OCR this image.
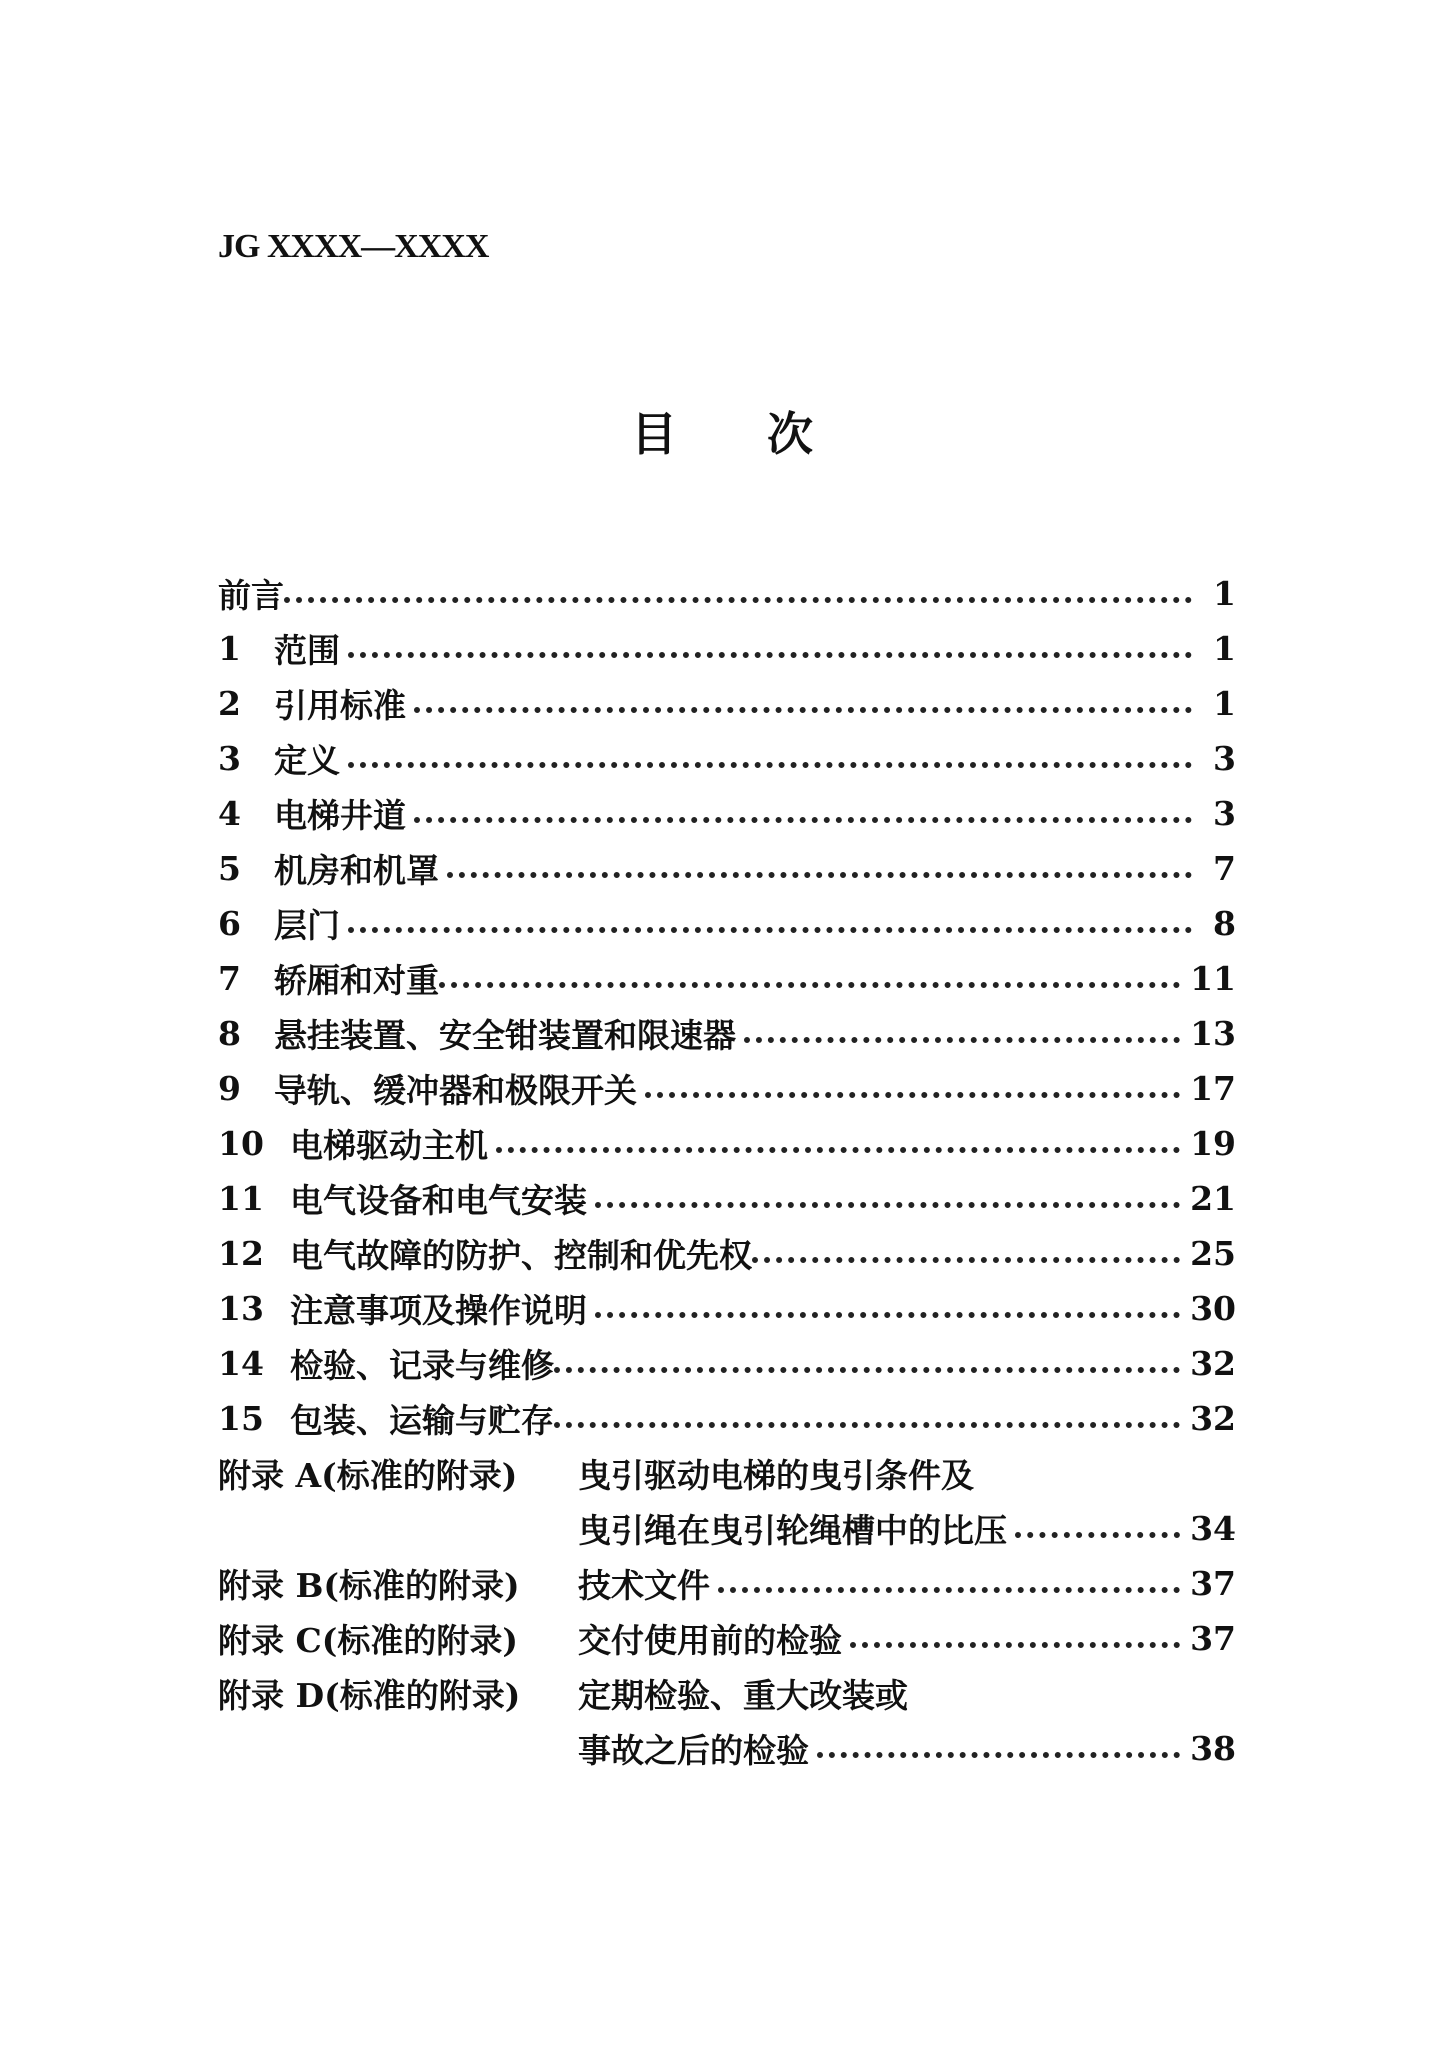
JG XXXX—XXXX
目 次
前言	1
1	范围	1
2	引用标准	1
3	定义	3
4	电梯井道	3
5	机房和机罩	7
6	层门	8
7	轿厢和对重	11
8	悬挂装置、安全钳装置和限速器	13
9	导轨、缓冲器和极限开关	17
10 电梯驱动主机	19
11 电气设备和电气安装	21
12 电气故障的防护、控制和优先权	25
13 注意事项及操作说明	30
14 检验、记录与维修	32
15 包装、运输与贮存	32
附录 A(标准的附录)	曳引驱动电梯的曳引条件及
曳引绳在曳引轮绳槽中的比压	34
附录 B(标准的附录)	技术文件	37
附录 C(标准的附录)	交付使用前的检验	37
附录 D(标准的附录)	定期检验、重大改装或
事故之后的检验	38
